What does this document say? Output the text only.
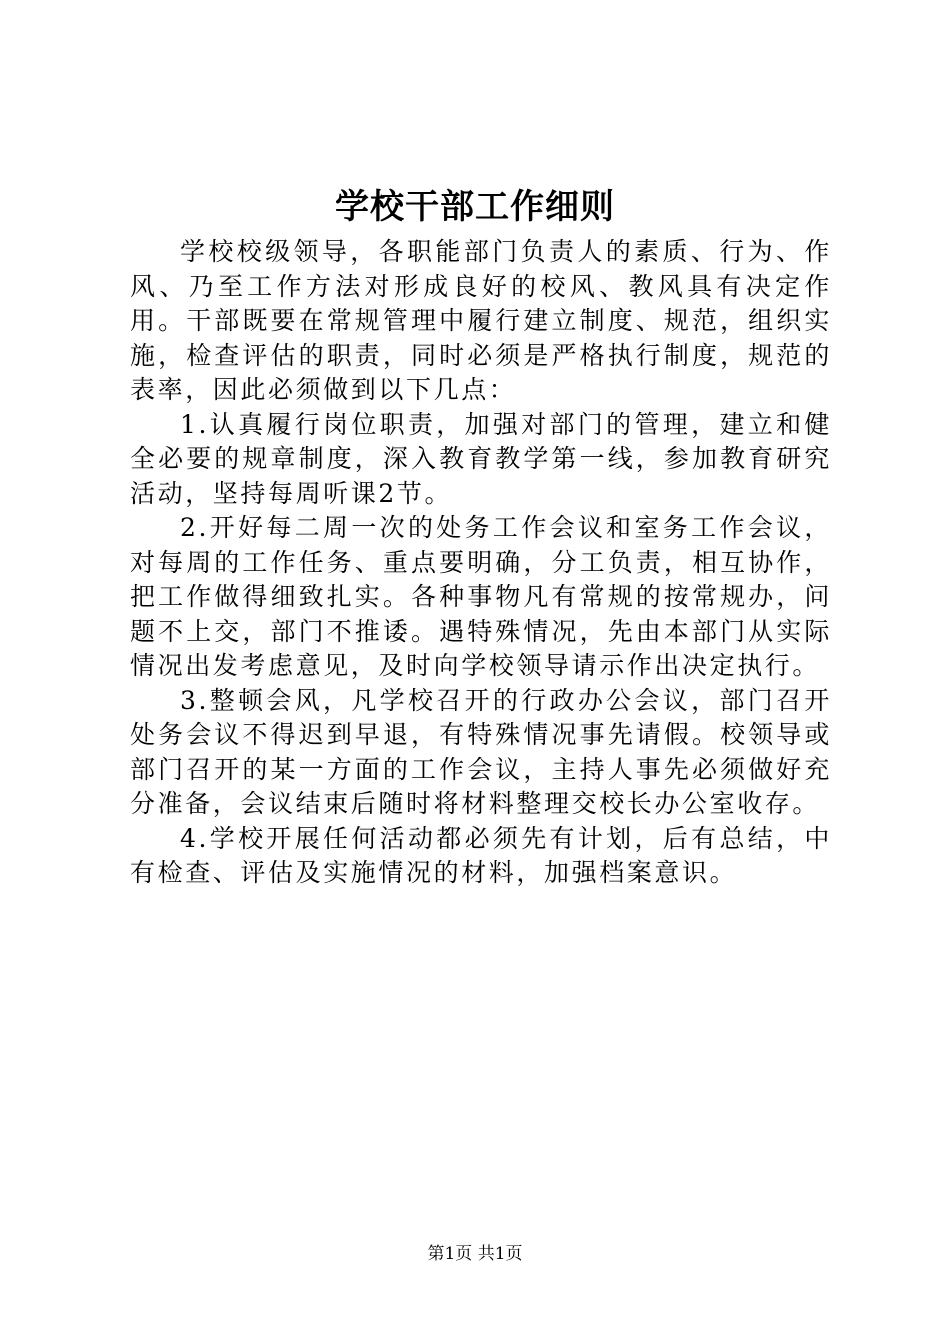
学校干部工作细则

学校校级领导，各职能部门负责人的素质、行为、作风、乃至工作方法对形成良好的校风、教风具有决定作用。干部既要在常规管理中履行建立制度、规范，组织实施，检查评估的职责，同时必须是严格执行制度，规范的表率，因此必须做到以下几点：

1.认真履行岗位职责，加强对部门的管理，建立和健全必要的规章制度，深入教育教学第一线，参加教育研究活动，坚持每周听课2节。

2.开好每二周一次的处务工作会议和室务工作会议，对每周的工作任务、重点要明确，分工负责，相互协作，把工作做得细致扎实。各种事物凡有常规的按常规办，问题不上交，部门不推诿。遇特殊情况，先由本部门从实际情况出发考虑意见，及时向学校领导请示作出决定执行。

3.整顿会风，凡学校召开的行政办公会议，部门召开处务会议不得迟到早退，有特殊情况事先请假。校领导或部门召开的某一方面的工作会议，主持人事先必须做好充分准备，会议结束后随时将材料整理交校长办公室收存。

4.学校开展任何活动都必须先有计划，后有总结，中有检查、评估及实施情况的材料，加强档案意识。

第1页 共1页
